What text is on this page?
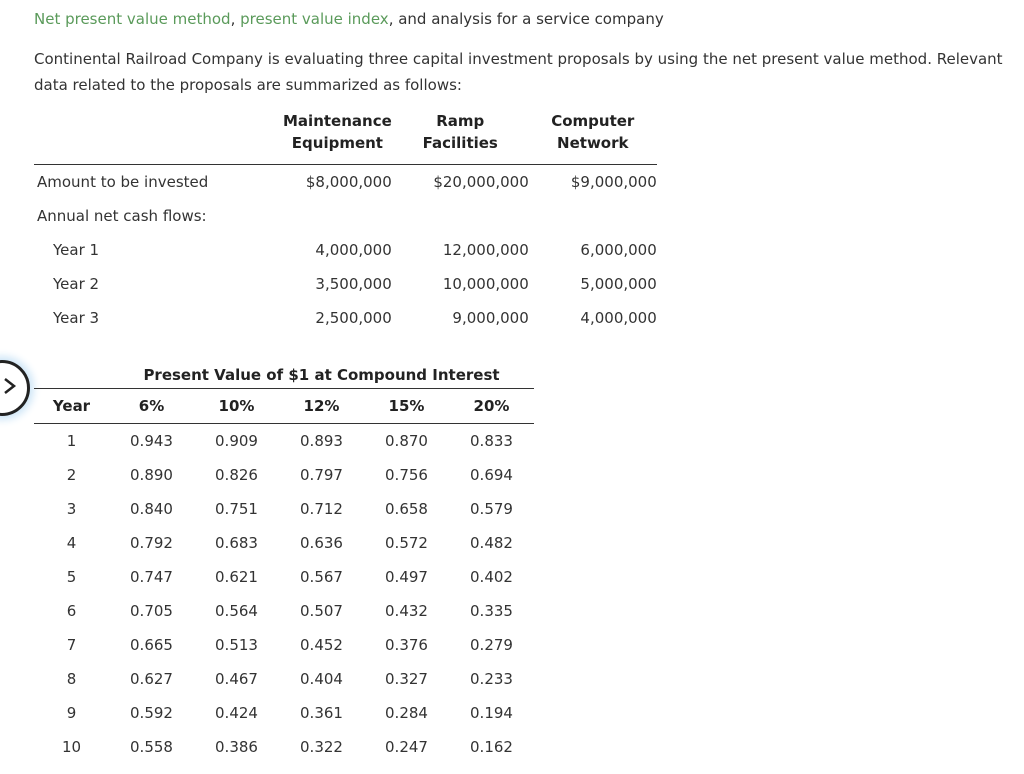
Net present value method, present value index, and analysis for a service company
Continental Railroad Company is evaluating three capital investment proposals by using the net present value method. Relevant data related to the proposals are summarized as follows:
	Maintenance	Ramp	Computer
	Equipment	Facilities	Network
Amount to be invested	$8,000,000	$20,000,000	$9,000,000
Annual net cash flows:			
Year 1	4,000,000	12,000,000	6,000,000
Year 2	3,500,000	10,000,000	5,000,000
Year 3	2,500,000	9,000,000	4,000,000
	Present Value of $1 at Compound Interest				
Year	6%	10%	12%	15%	20%
1	0.943	0.909	0.893	0.870	0.833
2	0.890	0.826	0.797	0.756	0.694
3	0.840	0.751	0.712	0.658	0.579
4	0.792	0.683	0.636	0.572	0.482
5	0.747	0.621	0.567	0.497	0.402
6	0.705	0.564	0.507	0.432	0.335
7	0.665	0.513	0.452	0.376	0.279
8	0.627	0.467	0.404	0.327	0.233
9	0.592	0.424	0.361	0.284	0.194
10	0.558	0.386	0.322	0.247	0.162
